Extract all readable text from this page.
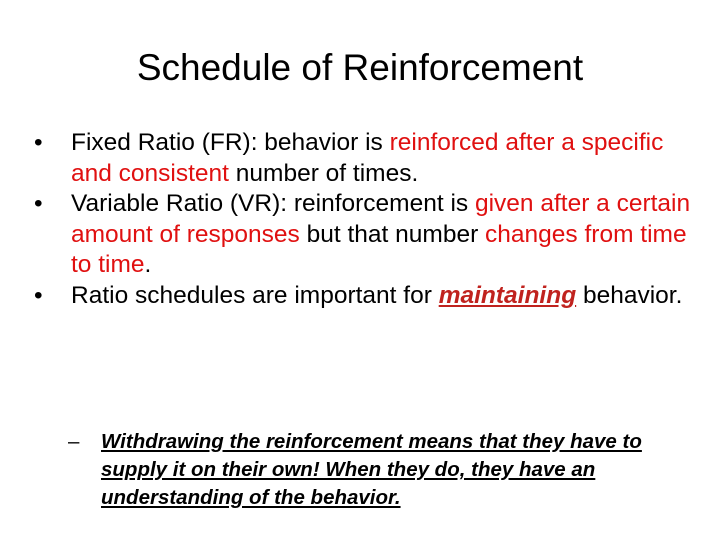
Schedule of Reinforcement
• Fixed Ratio (FR): behavior is reinforced after a specific and consistent number of times.
• Variable Ratio (VR): reinforcement is given after a certain amount of responses but that number changes from time to time.
• Ratio schedules are important for maintaining behavior.
– Withdrawing the reinforcement means that they have to supply it on their own! When they do, they have an understanding of the behavior.
